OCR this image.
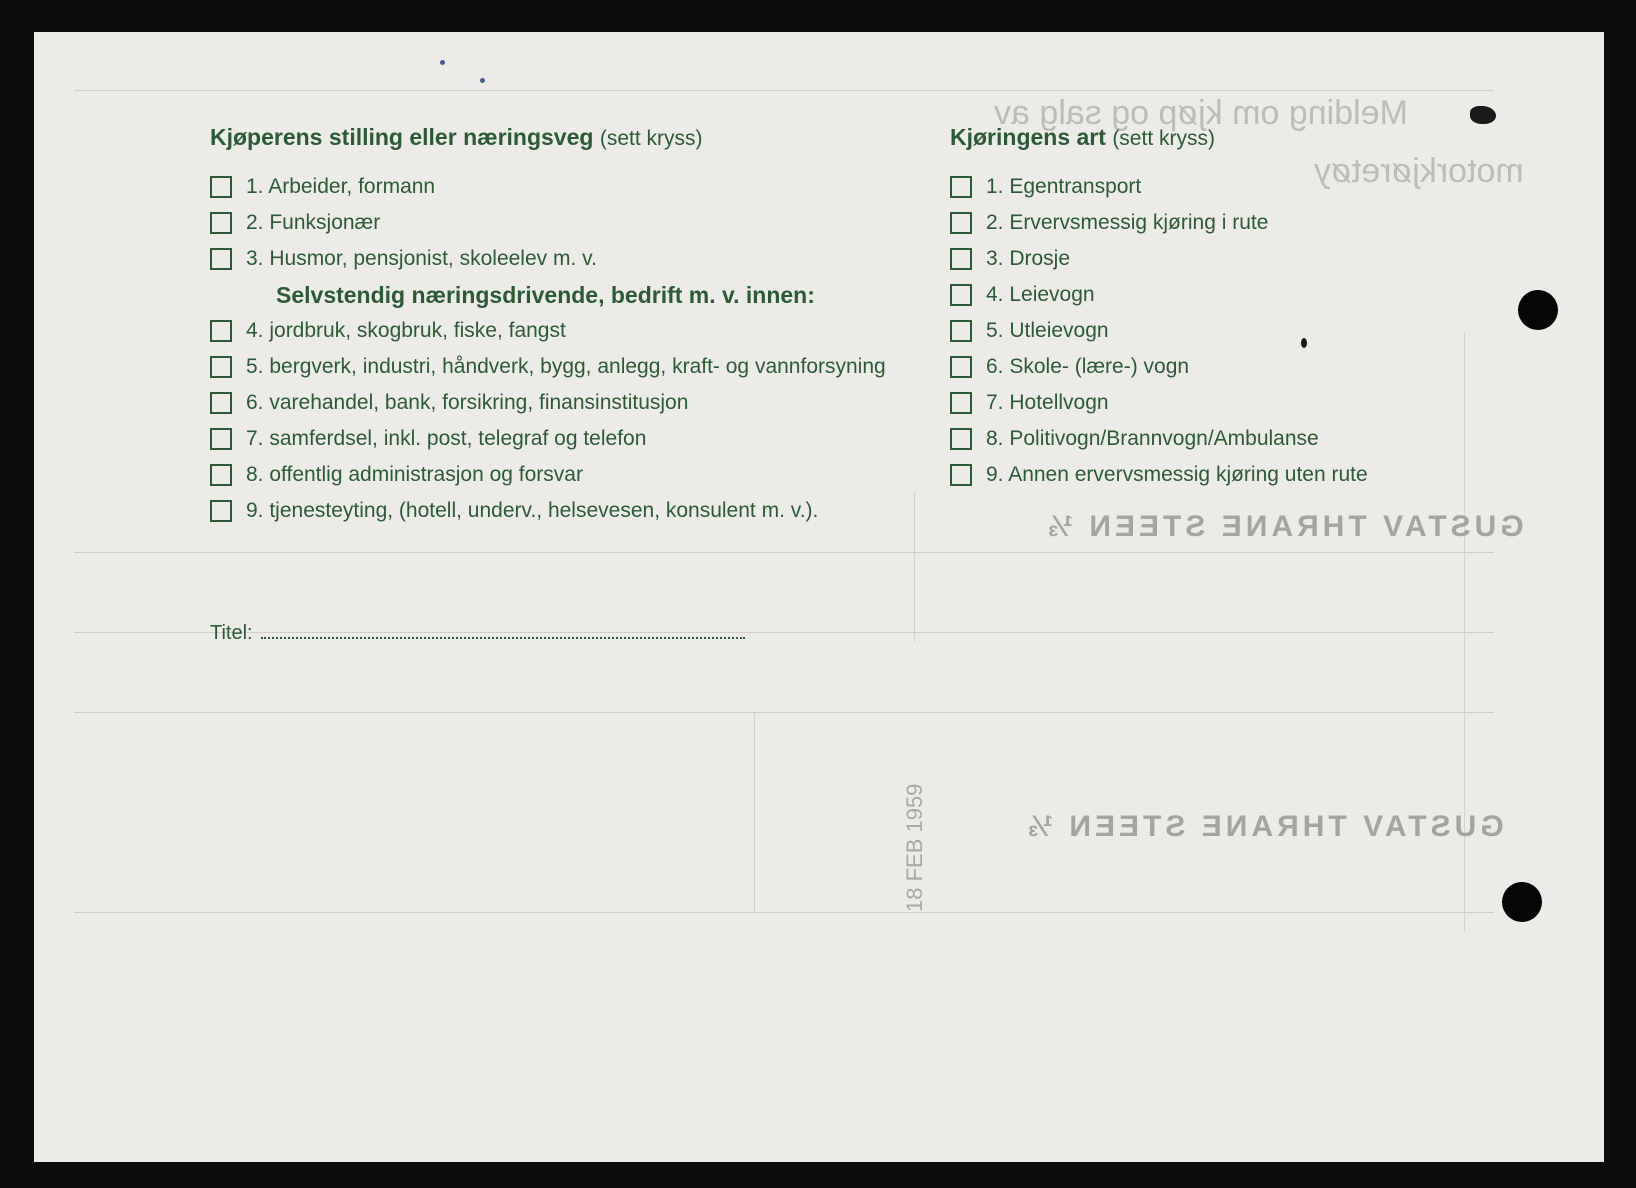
Melding om kjøp og salg av
motorkjøretøy
GUSTAV THRANE STEEN ⅓
GUSTAV THRANE STEEN ⅓
18 FEB 1959
Kjøperens stilling eller næringsveg (sett kryss)
1. Arbeider, formann
2. Funksjonær
3. Husmor, pensjonist, skoleelev m. v.
Selvstendig næringsdrivende, bedrift m. v. innen:
4. jordbruk, skogbruk, fiske, fangst
5. bergverk, industri, håndverk, bygg, anlegg, kraft- og vannforsyning
6. varehandel, bank, forsikring, finansinstitusjon
7. samferdsel, inkl. post, telegraf og telefon
8. offentlig administrasjon og forsvar
9. tjenesteyting, (hotell, underv., helsevesen, konsulent m. v.).
Titel:
Kjøringens art (sett kryss)
1. Egentransport
2. Ervervsmessig kjøring i rute
3. Drosje
4. Leievogn
5. Utleievogn
6. Skole- (lære-) vogn
7. Hotellvogn
8. Politivogn/Brannvogn/Ambulanse
9. Annen ervervsmessig kjøring uten rute
